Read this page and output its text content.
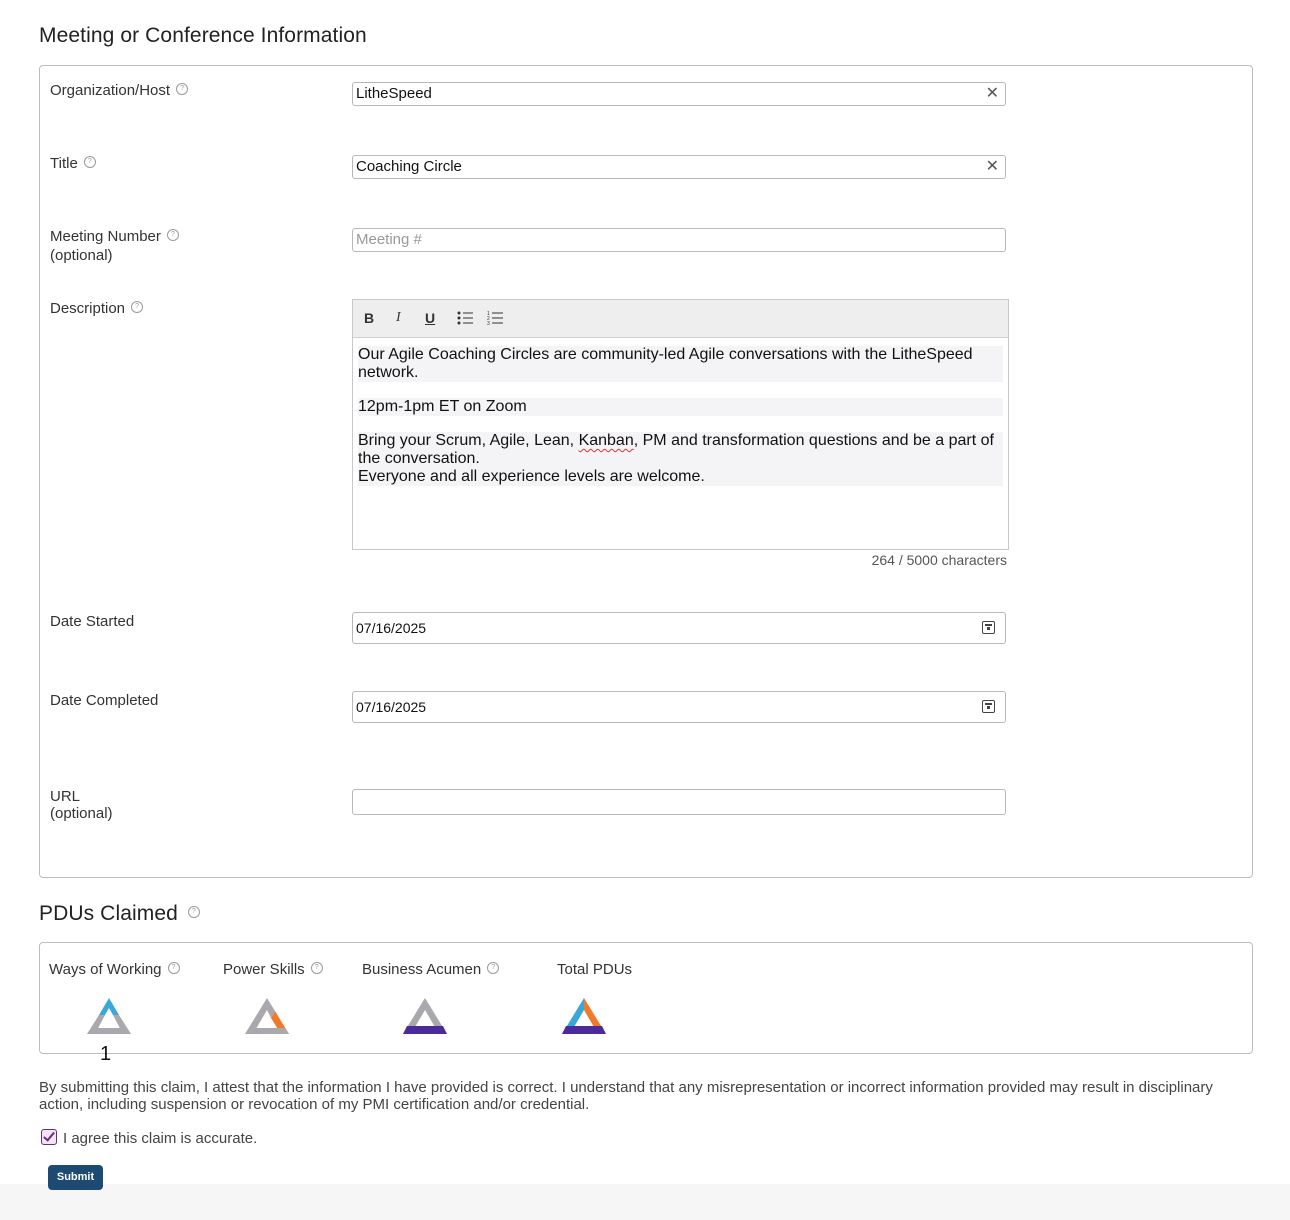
Meeting or Conference Information
Organization/Host ?	LitheSpeed	✕
Title ?	Coaching Circle	✕
Meeting Number ?
(optional)
Meeting #
Description ?
B I U	1
2
3
Our Agile Coaching Circles are community-led Agile conversations with the LitheSpeed network.
12pm-1pm ET on Zoom
Bring your Scrum, Agile, Lean, Kanban, PM and transformation questions and be a part of the conversation.
Everyone and all experience levels are welcome.
264 / 5000 characters
Date Started	07/16/2025
Date Completed	07/16/2025
URL
(optional)
PDUs Claimed ?
Ways of Working ?	Power Skills ?	Business Acumen ?	Total PDUs
1
By submitting this claim, I attest that the information I have provided is correct. I understand that any misrepresentation or incorrect information provided may result in disciplinary action, including suspension or revocation of my PMI certification and/or credential.
I agree this claim is accurate.
Submit
